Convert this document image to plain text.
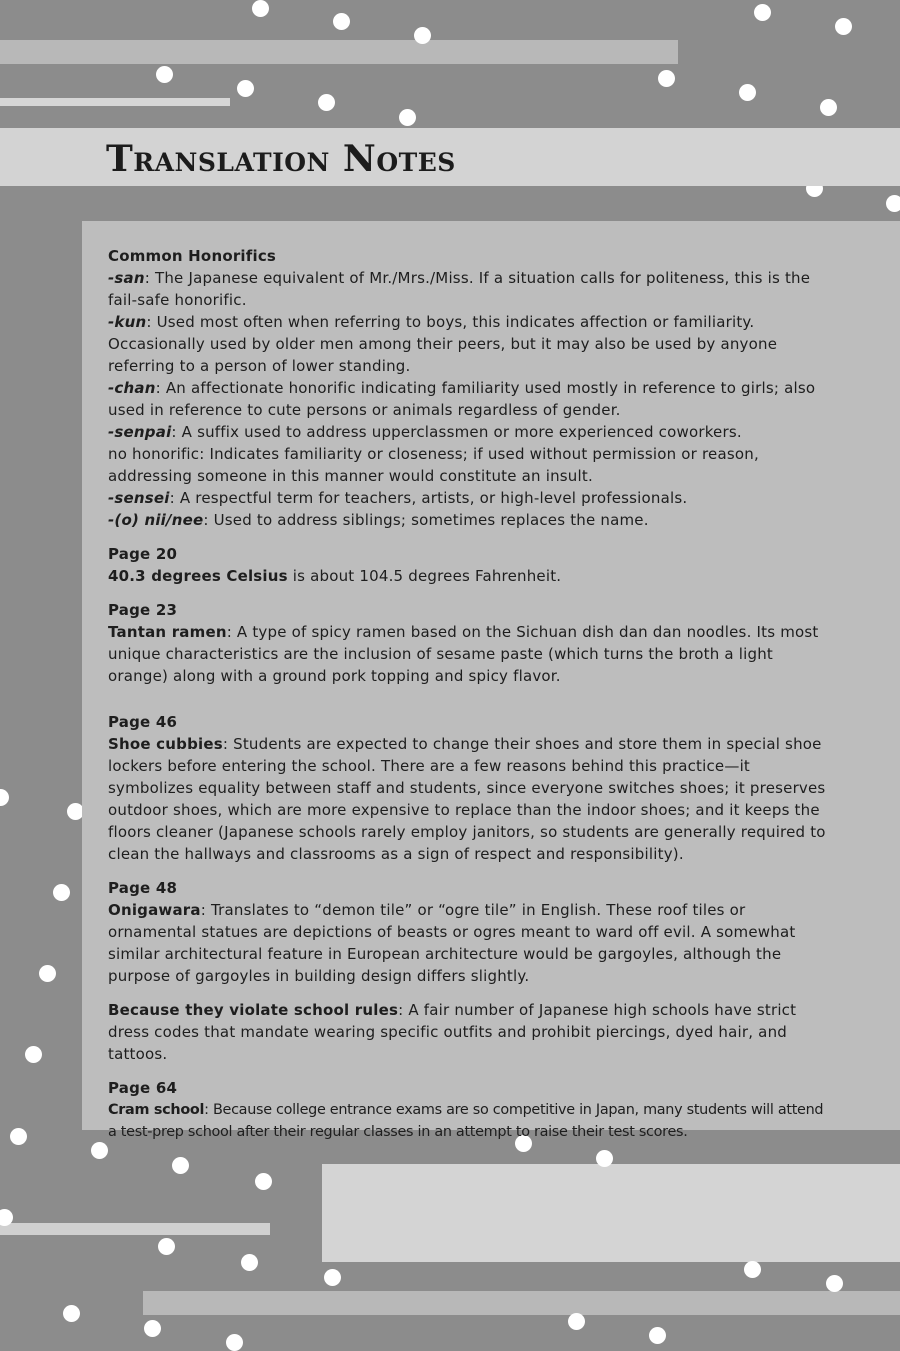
Translation Notes

Common Honorifics

-san: The Japanese equivalent of Mr./Mrs./Miss. If a situation calls for politeness, this is the fail-safe honorific.

-kun: Used most often when referring to boys, this indicates affection or familiarity. Occasionally used by older men among their peers, but it may also be used by anyone referring to a person of lower standing.

-chan: An affectionate honorific indicating familiarity used mostly in reference to girls; also used in reference to cute persons or animals regardless of gender.

-senpai: A suffix used to address upperclassmen or more experienced coworkers.

no honorific: Indicates familiarity or closeness; if used without permission or reason, addressing someone in this manner would constitute an insult.

-sensei: A respectful term for teachers, artists, or high-level professionals.

-(o) nii/nee: Used to address siblings; sometimes replaces the name.

Page 20

40.3 degrees Celsius is about 104.5 degrees Fahrenheit.

Page 23

Tantan ramen: A type of spicy ramen based on the Sichuan dish dan dan noodles. Its most unique characteristics are the inclusion of sesame paste (which turns the broth a light orange) along with a ground pork topping and spicy flavor.

Page 46

Shoe cubbies: Students are expected to change their shoes and store them in special shoe lockers before entering the school. There are a few reasons behind this practice—it symbolizes equality between staff and students, since everyone switches shoes; it preserves outdoor shoes, which are more expensive to replace than the indoor shoes; and it keeps the floors cleaner (Japanese schools rarely employ janitors, so students are generally required to clean the hallways and classrooms as a sign of respect and responsibility).

Page 48

Onigawara: Translates to “demon tile” or “ogre tile” in English. These roof tiles or ornamental statues are depictions of beasts or ogres meant to ward off evil. A somewhat similar architectural feature in European architecture would be gargoyles, although the purpose of gargoyles in building design differs slightly.

Because they violate school rules: A fair number of Japanese high schools have strict dress codes that mandate wearing specific outfits and prohibit piercings, dyed hair, and tattoos.

Page 64

Cram school: Because college entrance exams are so competitive in Japan, many students will attend a test-prep school after their regular classes in an attempt to raise their test scores.
